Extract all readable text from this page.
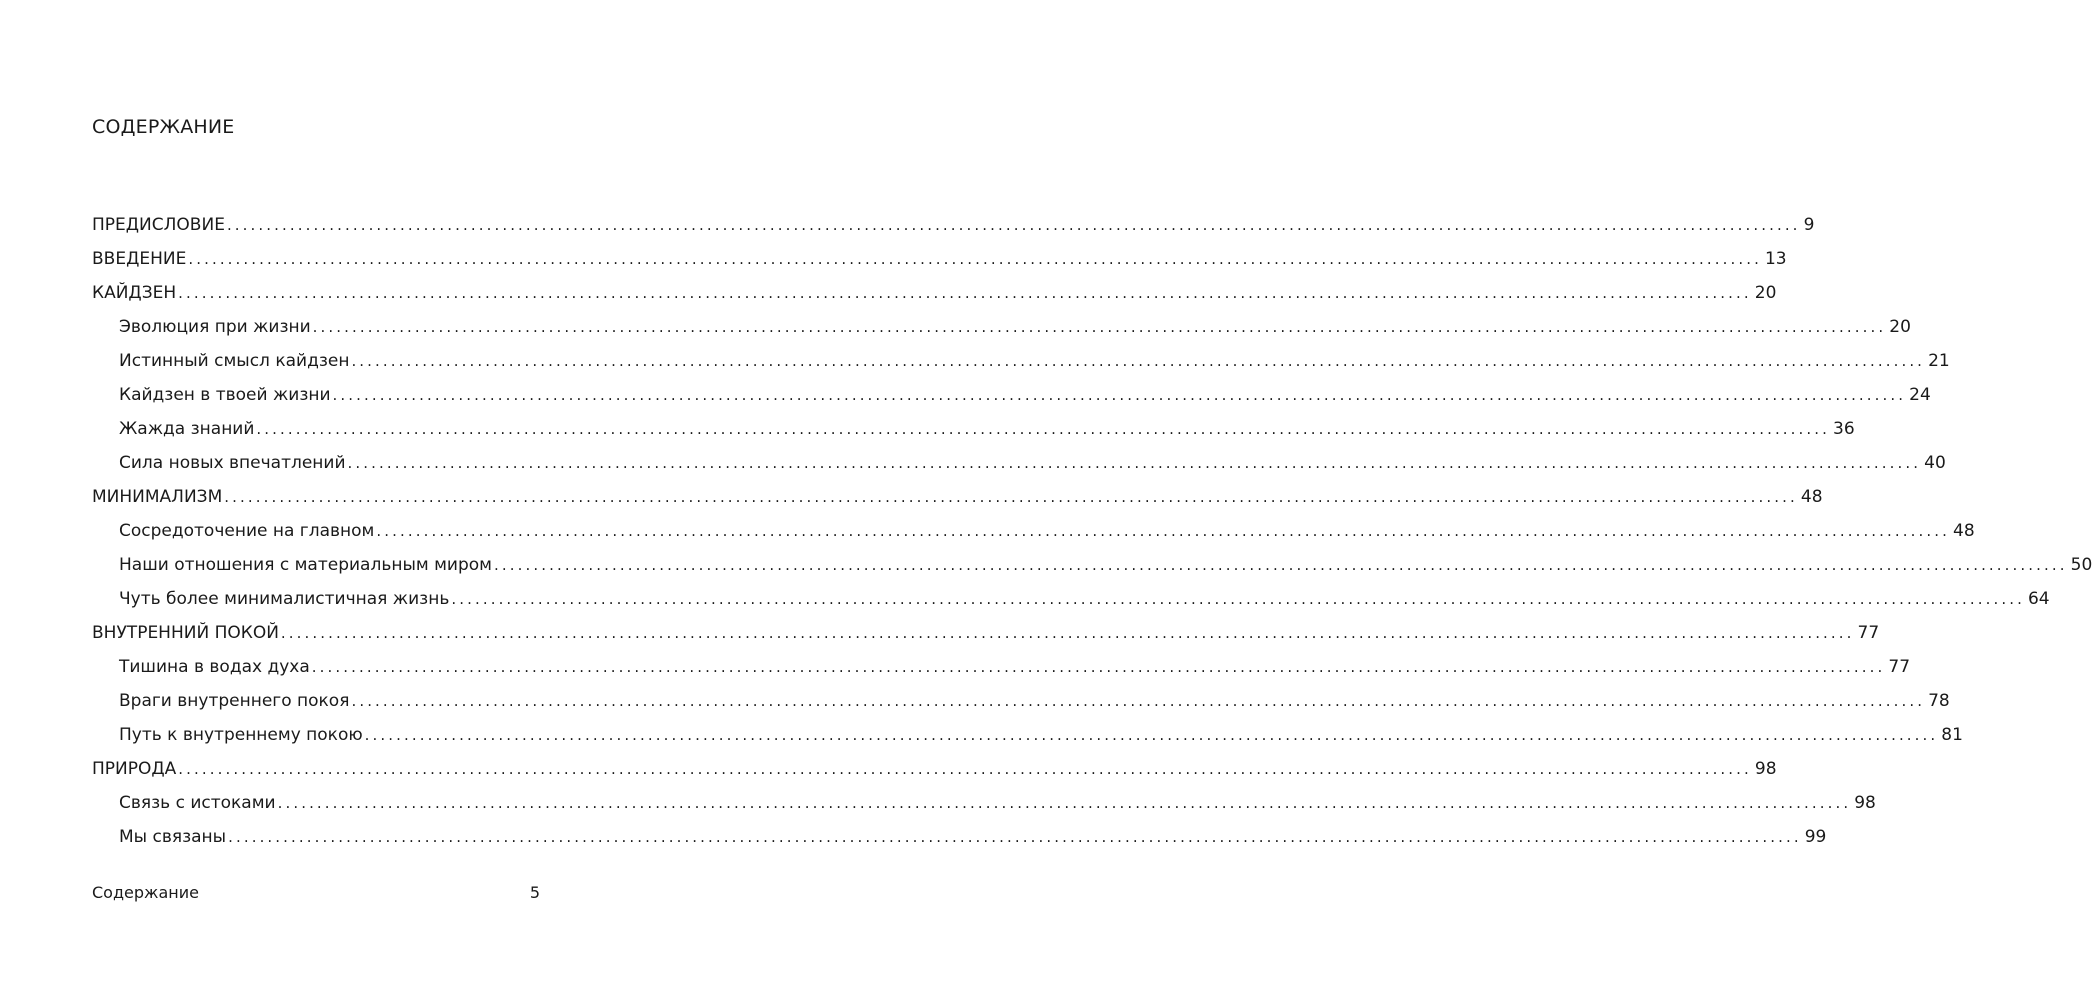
СОДЕРЖАНИЕ
ПРЕДИСЛОВИЕ ........................................................................................................................................................................................................ 9
ВВЕДЕНИЕ ........................................................................................................................................................................................................ 13
КАЙДЗЕН ........................................................................................................................................................................................................ 20
Эволюция при жизни ........................................................................................................................................................................................................ 20
Истинный смысл кайдзен ........................................................................................................................................................................................................ 21
Кайдзен в твоей жизни ........................................................................................................................................................................................................ 24
Жажда знаний ........................................................................................................................................................................................................ 36
Сила новых впечатлений ........................................................................................................................................................................................................ 40
МИНИМАЛИЗМ ........................................................................................................................................................................................................ 48
Сосредоточение на главном ........................................................................................................................................................................................................ 48
Наши отношения с материальным миром ........................................................................................................................................................................................................ 50
Чуть более минималистичная жизнь ........................................................................................................................................................................................................ 64
ВНУТРЕННИЙ ПОКОЙ ........................................................................................................................................................................................................ 77
Тишина в водах духа ........................................................................................................................................................................................................ 77
Враги внутреннего покоя ........................................................................................................................................................................................................ 78
Путь к внутреннему покою ........................................................................................................................................................................................................ 81
ПРИРОДА ........................................................................................................................................................................................................ 98
Связь с истоками ........................................................................................................................................................................................................ 98
Мы связаны ........................................................................................................................................................................................................ 99
Содержание	5
